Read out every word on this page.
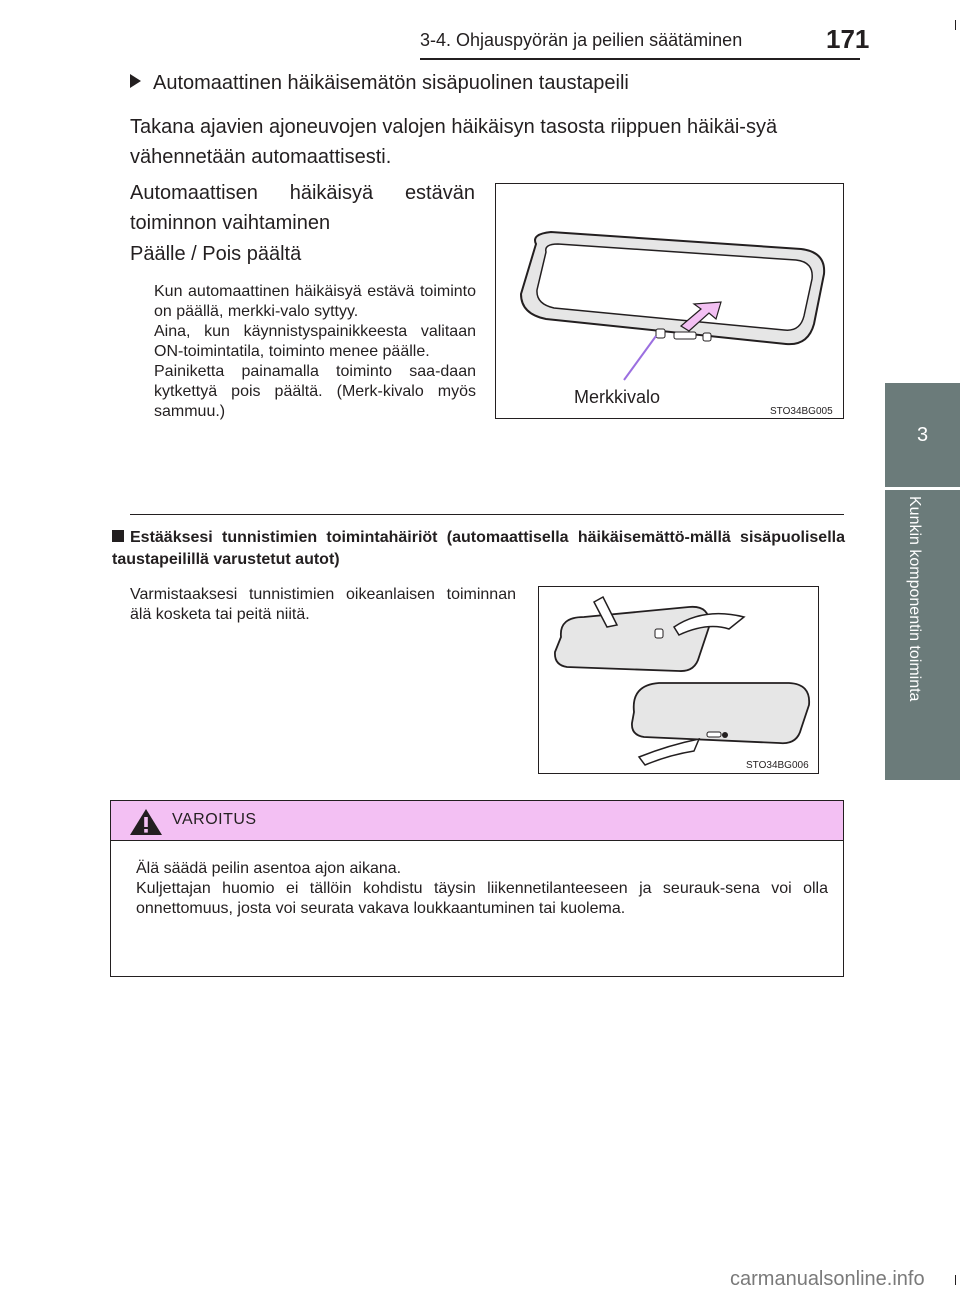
3-4. Ohjauspyörän ja peilien säätäminen	171
3
Kunkin komponentin toiminta
Automaattinen häikäisemätön sisäpuolinen taustapeili
Takana ajavien ajoneuvojen valojen häikäisyn tasosta riippuen häikäi-syä vähennetään automaattisesti.
Automaattisen häikäisyä estävän toiminnon vaihtaminen
Päälle / Pois päältä
Kun automaattinen häikäisyä estävä toiminto on päällä, merkki-valo syttyy.
Aina, kun käynnistyspainikkeesta valitaan ON-toimintatila, toiminto menee päälle.
Painiketta painamalla toiminto saa-daan kytkettyä pois päältä. (Merk-kivalo myös sammuu.)
Merkkivalo
STO34BG005
Estääksesi tunnistimien toimintahäiriöt (automaattisella häikäisemättö-mällä sisäpuolisella taustapeilillä varustetut autot)
Varmistaaksesi tunnistimien oikeanlaisen toiminnan älä kosketa tai peitä niitä.
STO34BG006
VAROITUS
Älä säädä peilin asentoa ajon aikana.
Kuljettajan huomio ei tällöin kohdistu täysin liikennetilanteeseen ja seurauk-sena voi olla onnettomuus, josta voi seurata vakava loukkaantuminen tai kuolema.
carmanualsonline.info
